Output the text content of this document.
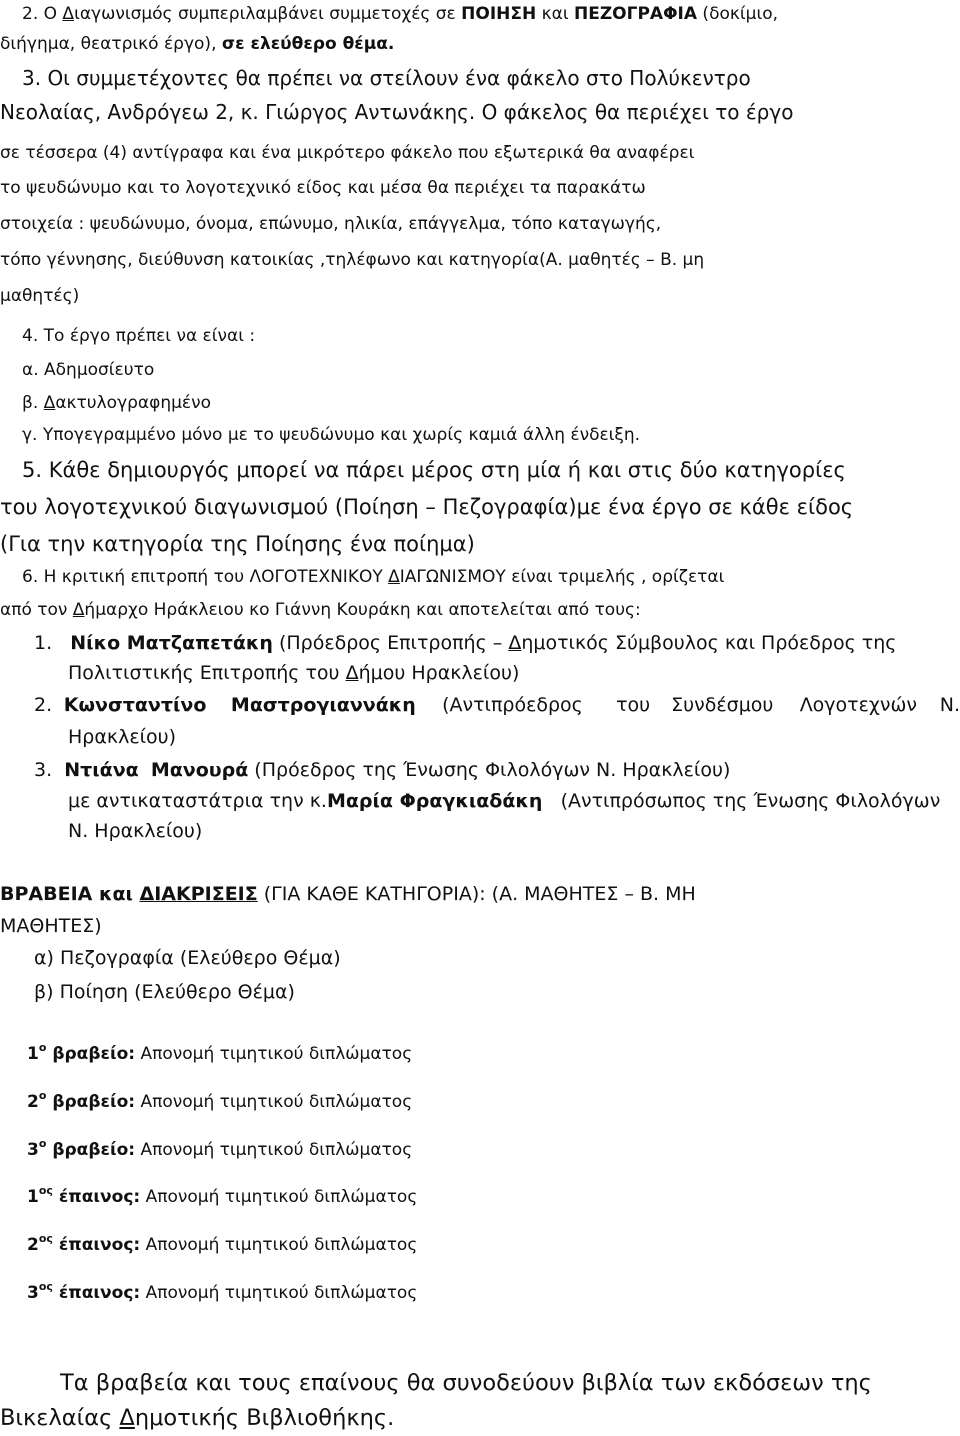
2. Ο Διαγωνισμός συμπεριλαμβάνει συμμετοχές σε ΠΟΙΗΣΗ και ΠΕΖΟΓΡΑΦΙΑ (δοκίμιο,
διήγημα, θεατρικό έργο), σε ελεύθερο θέμα.
3. Οι συμμετέχοντες θα πρέπει να στείλουν ένα φάκελο στο Πολύκεντρο
Νεολαίας, Ανδρόγεω 2, κ. Γιώργος Αντωνάκης. Ο φάκελος θα περιέχει το έργο
σε τέσσερα (4) αντίγραφα και ένα μικρότερο φάκελο που εξωτερικά θα αναφέρει
το ψευδώνυμο και το λογοτεχνικό είδος και μέσα θα περιέχει τα παρακάτω
στοιχεία : ψευδώνυμο, όνομα, επώνυμο, ηλικία, επάγγελμα, τόπο καταγωγής,
τόπο γέννησης, διεύθυνση κατοικίας ,τηλέφωνο και κατηγορία(Α. μαθητές – Β. μη
μαθητές)
4. Το έργο πρέπει να είναι :
α. Αδημοσίευτο
β. Δακτυλογραφημένο
γ. Υπογεγραμμένο μόνο με το ψευδώνυμο και χωρίς καμιά άλλη ένδειξη.
5. Κάθε δημιουργός μπορεί να πάρει μέρος στη μία ή και στις δύο κατηγορίες
του λογοτεχνικού διαγωνισμού (Ποίηση – Πεζογραφία)με ένα έργο σε κάθε είδος
(Για την κατηγορία της Ποίησης ένα ποίημα)
6. Η κριτική επιτροπή του ΛΟΓΟΤΕΧΝΙΚΟΥ ΔΙΑΓΩΝΙΣΜΟΥ είναι τριμελής , ορίζεται
από τον Δήμαρχο Ηράκλειου κο Γιάννη Κουράκη και αποτελείται από τους:
1. Νίκο Ματζαπετάκη (Πρόεδρος Επιτροπής – Δημοτικός Σύμβουλος και Πρόεδρος της
Πολιτιστικής Επιτροπής του Δήμου Ηρακλείου)
2. Κωνσταντίνο Μαστρογιαννάκη (Αντιπρόεδρος του Συνδέσμου Λογοτεχνών Ν.
Ηρακλείου)
3. Ντιάνα Μανουρά (Πρόεδρος της Ένωσης Φιλολόγων Ν. Ηρακλείου)
με αντικαταστάτρια την κ.Μαρία Φραγκιαδάκη (Αντιπρόσωπος της Ένωσης Φιλολόγων
Ν. Ηρακλείου)
ΒΡΑΒΕΙΑ και ΔΙΑΚΡΙΣΕΙΣ (ΓΙΑ ΚΑΘΕ ΚΑΤΗΓΟΡΙΑ): (Α. ΜΑΘΗΤΕΣ – Β. ΜΗ
ΜΑΘΗΤΕΣ)
α) Πεζογραφία (Ελεύθερο Θέμα)
β) Ποίηση (Ελεύθερο Θέμα)
$1^o$ βραβείο: Απονομή τιμητικού διπλώματος
$2^o$ βραβείο: Απονομή τιμητικού διπλώματος
$3^o$ βραβείο: Απονομή τιμητικού διπλώματος
$1^{o\varsigma}$ έπαινος: Απονομή τιμητικού διπλώματος
$2^{o\varsigma}$ έπαινος: Απονομή τιμητικού διπλώματος
$3^{o\varsigma}$ έπαινος: Απονομή τιμητικού διπλώματος
Τα βραβεία και τους επαίνους θα συνοδεύουν βιβλία των εκδόσεων της
Βικελαίας Δημοτικής Βιβλιοθήκης.
